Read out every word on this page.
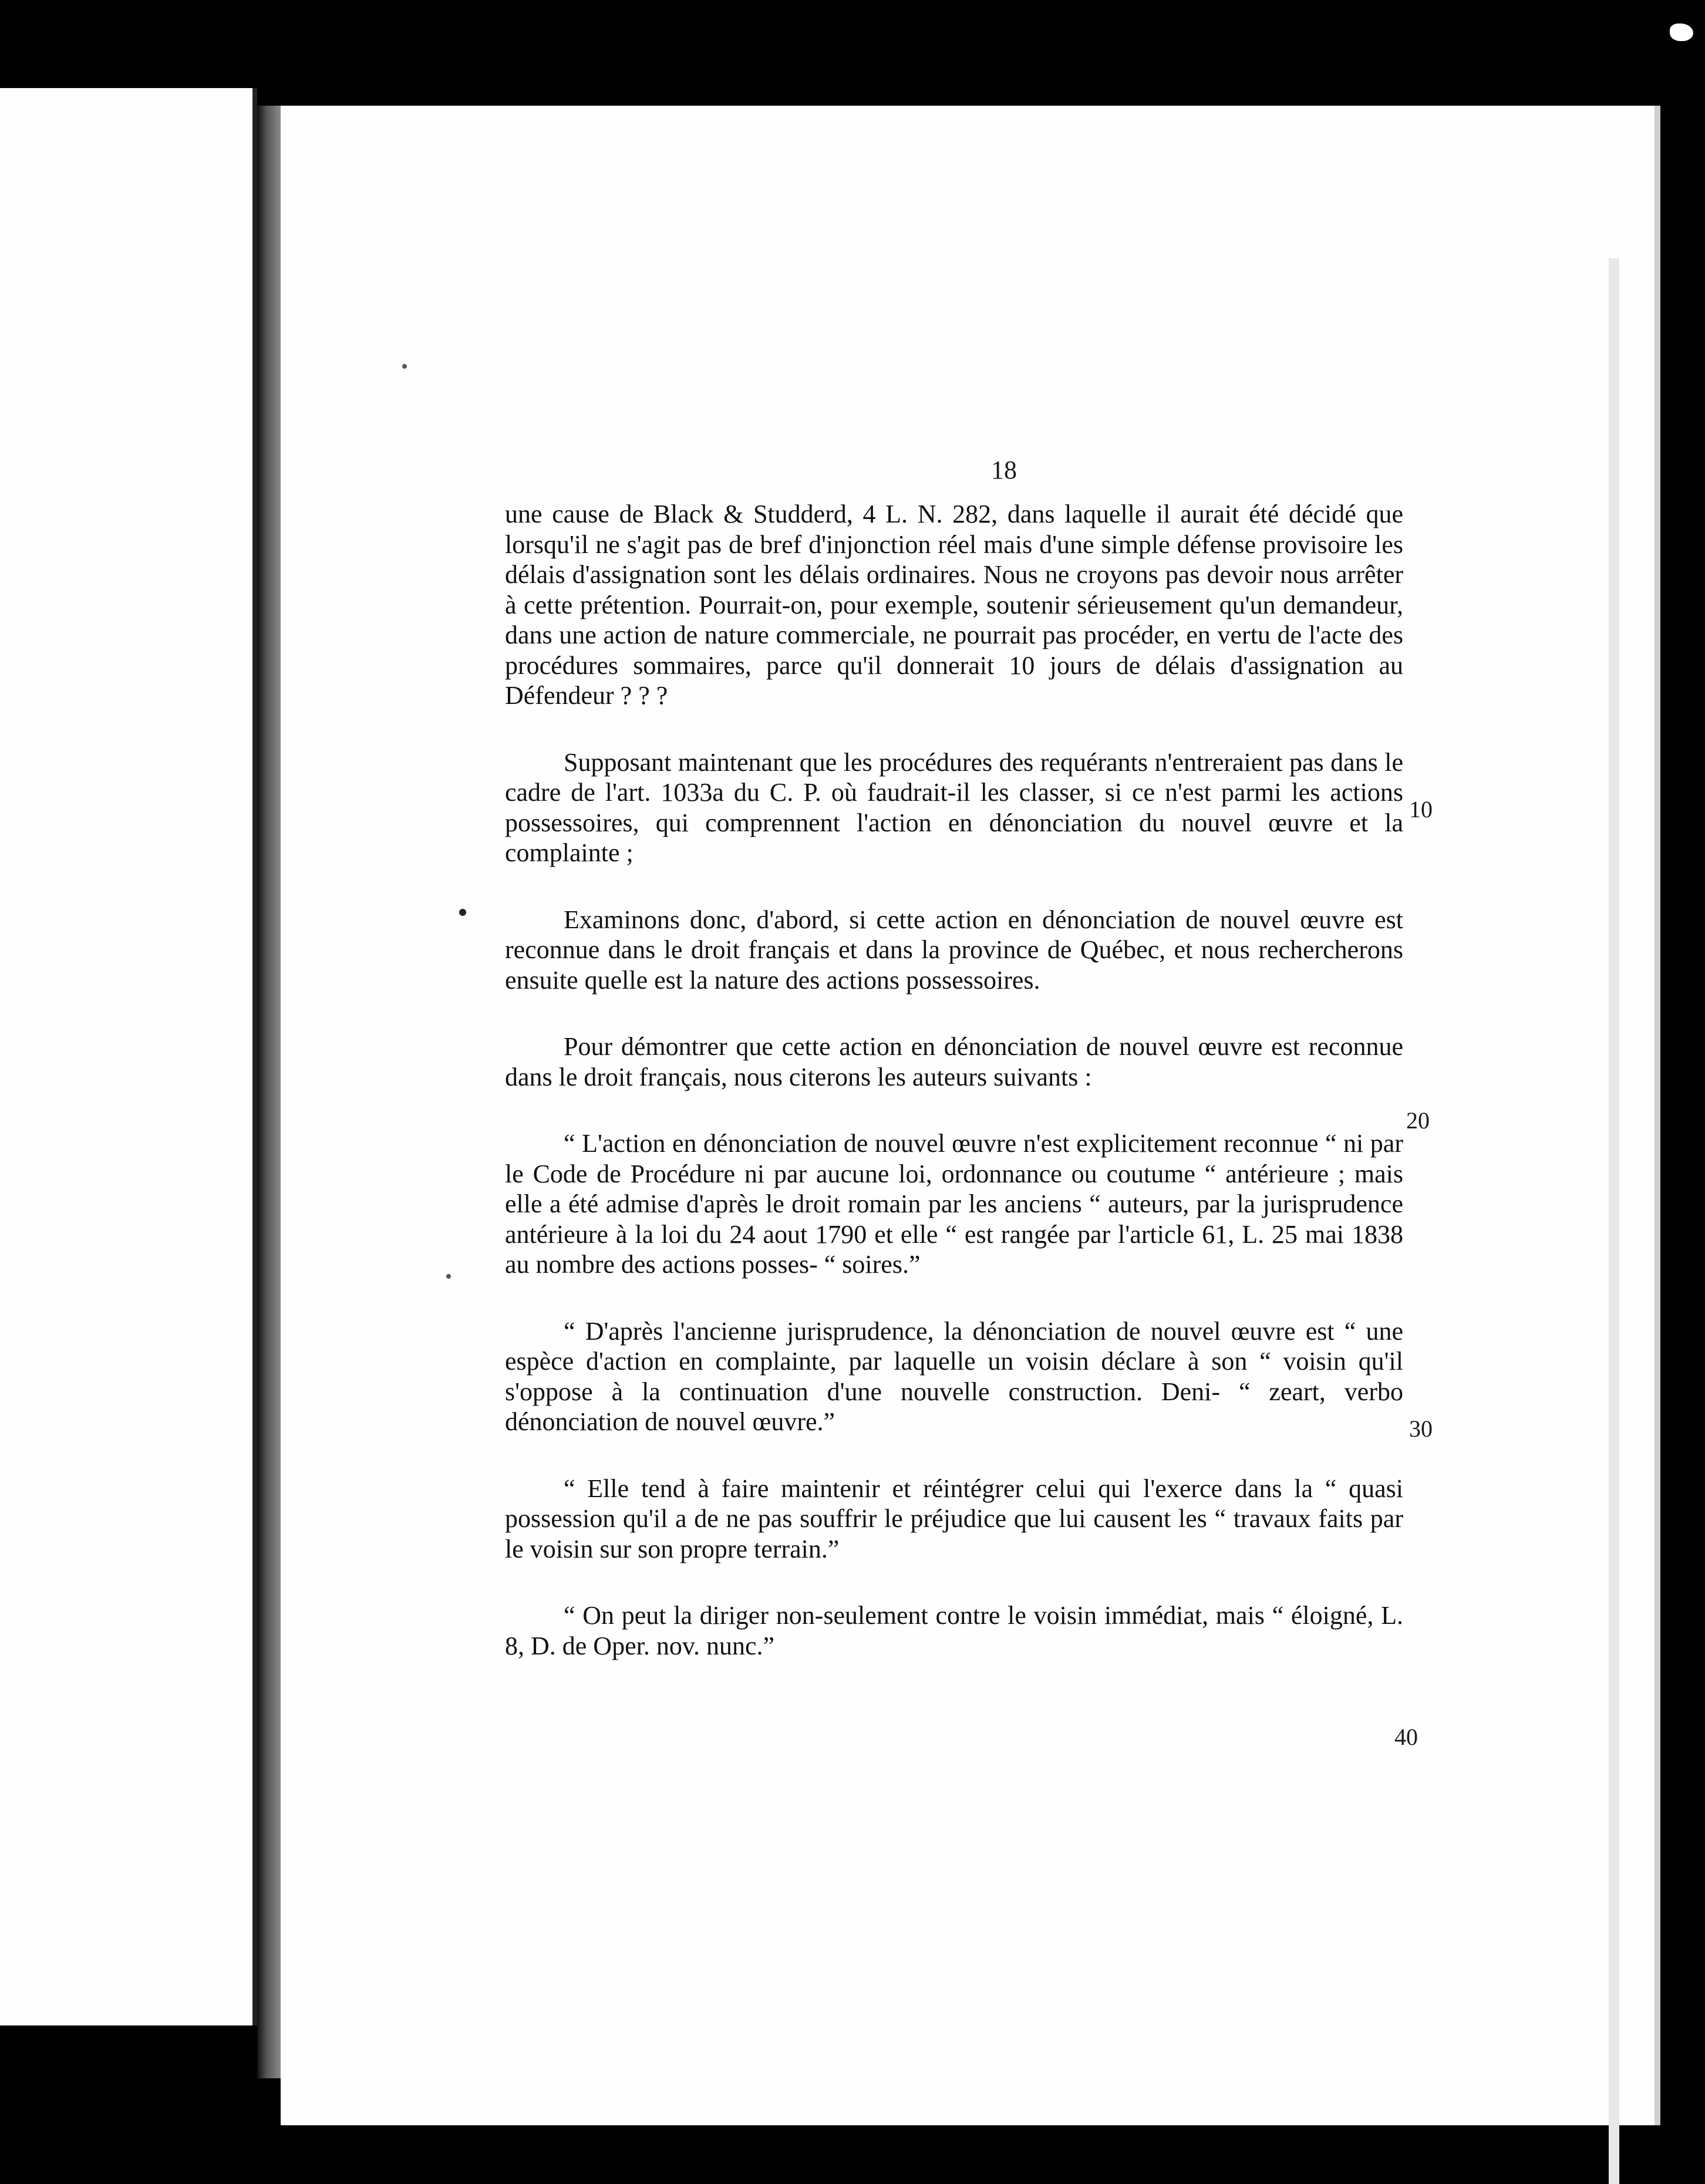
18

une cause de Black & Studderd, 4 L. N. 282, dans laquelle il aurait été décidé que lorsqu'il ne s'agit pas de bref d'injonction réel mais d'une simple défense provisoire les délais d'assignation sont les délais ordinaires. Nous ne croyons pas devoir nous arrêter à cette prétention. Pourrait-on, pour exemple, soutenir sérieusement qu'un demandeur, dans une action de nature commerciale, ne pourrait pas procéder, en vertu de l'acte des procédures sommaires, parce qu'il donnerait 10 jours de délais d'assignation au Défendeur ? ? ?

Supposant maintenant que les procédures des requérants n'entreraient pas dans le cadre de l'art. 1033a du C. P. où faudrait-il les classer, si ce n'est parmi les actions possessoires, qui comprennent l'action en dénonciation du nouvel œuvre et la complainte ;

Examinons donc, d'abord, si cette action en dénonciation de nouvel œuvre est reconnue dans le droit français et dans la province de Québec, et nous rechercherons ensuite quelle est la nature des actions possessoires.

Pour démontrer que cette action en dénonciation de nouvel œuvre est reconnue dans le droit français, nous citerons les auteurs suivants :

“ L'action en dénonciation de nouvel œuvre n'est explicitement reconnue “ ni par le Code de Procédure ni par aucune loi, ordonnance ou coutume “ antérieure ; mais elle a été admise d'après le droit romain par les anciens “ auteurs, par la jurisprudence antérieure à la loi du 24 aout 1790 et elle “ est rangée par l'article 61, L. 25 mai 1838 au nombre des actions posses- “ soires.”

“ D'après l'ancienne jurisprudence, la dénonciation de nouvel œuvre est “ une espèce d'action en complainte, par laquelle un voisin déclare à son “ voisin qu'il s'oppose à la continuation d'une nouvelle construction. Deni- “ zeart, verbo dénonciation de nouvel œuvre.”

“ Elle tend à faire maintenir et réintégrer celui qui l'exerce dans la “ quasi possession qu'il a de ne pas souffrir le préjudice que lui causent les “ travaux faits par le voisin sur son propre terrain.”

“ On peut la diriger non-seulement contre le voisin immédiat, mais “ éloigné, L. 8, D. de Oper. nov. nunc.”

10
20
30
40
